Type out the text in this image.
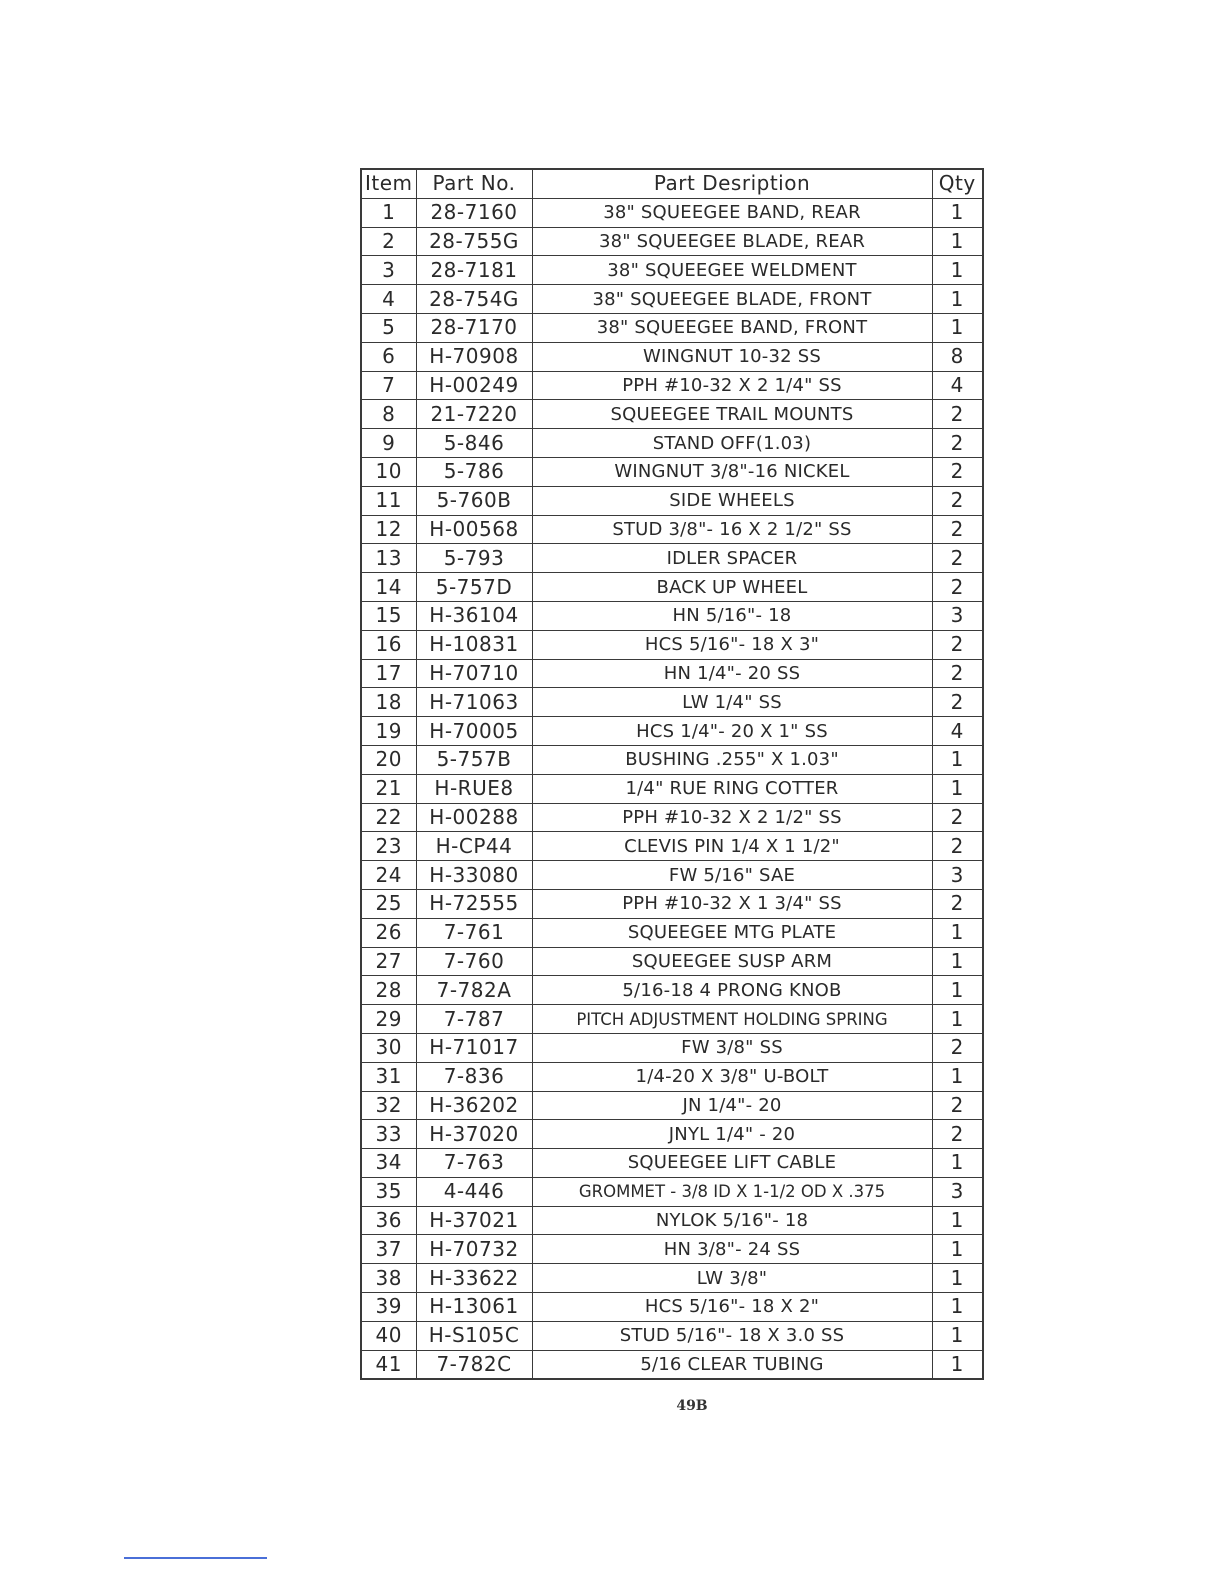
Item	Part No.	Part Desription	Qty
1	28-7160	38" SQUEEGEE BAND, REAR	1
2	28-755G	38" SQUEEGEE BLADE, REAR	1
3	28-7181	38" SQUEEGEE WELDMENT	1
4	28-754G	38" SQUEEGEE BLADE, FRONT	1
5	28-7170	38" SQUEEGEE BAND, FRONT	1
6	H-70908	WINGNUT 10-32 SS	8
7	H-00249	PPH #10-32 X 2 1/4" SS	4
8	21-7220	SQUEEGEE TRAIL MOUNTS	2
9	5-846	STAND OFF(1.03)	2
10	5-786	WINGNUT 3/8"-16 NICKEL	2
11	5-760B	SIDE WHEELS	2
12	H-00568	STUD 3/8"- 16 X 2 1/2" SS	2
13	5-793	IDLER SPACER	2
14	5-757D	BACK UP WHEEL	2
15	H-36104	HN 5/16"- 18	3
16	H-10831	HCS 5/16"- 18 X 3"	2
17	H-70710	HN 1/4"- 20 SS	2
18	H-71063	LW 1/4" SS	2
19	H-70005	HCS 1/4"- 20 X 1" SS	4
20	5-757B	BUSHING .255" X 1.03"	1
21	H-RUE8	1/4" RUE RING COTTER	1
22	H-00288	PPH #10-32 X 2 1/2" SS	2
23	H-CP44	CLEVIS PIN 1/4 X 1 1/2"	2
24	H-33080	FW 5/16" SAE	3
25	H-72555	PPH #10-32 X 1 3/4" SS	2
26	7-761	SQUEEGEE MTG PLATE	1
27	7-760	SQUEEGEE SUSP ARM	1
28	7-782A	5/16-18 4 PRONG KNOB	1
29	7-787	PITCH ADJUSTMENT HOLDING SPRING	1
30	H-71017	FW 3/8" SS	2
31	7-836	1/4-20 X 3/8" U-BOLT	1
32	H-36202	JN 1/4"- 20	2
33	H-37020	JNYL 1/4" - 20	2
34	7-763	SQUEEGEE LIFT CABLE	1
35	4-446	GROMMET - 3/8 ID X 1-1/2 OD X .375	3
36	H-37021	NYLOK 5/16"- 18	1
37	H-70732	HN 3/8"- 24 SS	1
38	H-33622	LW 3/8"	1
39	H-13061	HCS 5/16"- 18 X 2"	1
40	H-S105C	STUD 5/16"- 18 X 3.0 SS	1
41	7-782C	5/16 CLEAR TUBING	1
49B
